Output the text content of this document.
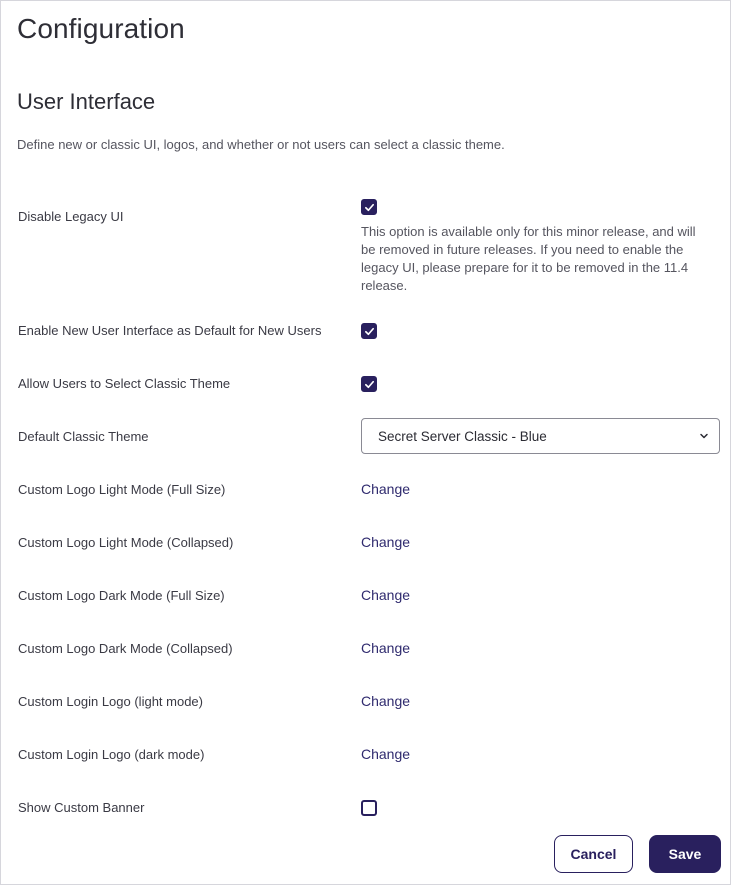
Configuration
User Interface
Define new or classic UI, logos, and whether or not users can select a classic theme.
Disable Legacy UI
This option is available only for this minor release, and will be removed in future releases. If you need to enable the legacy UI, please prepare for it to be removed in the 11.4 release.
Enable New User Interface as Default for New Users
Allow Users to Select Classic Theme
Default Classic Theme	Secret Server Classic - Blue
Custom Logo Light Mode (Full Size)	Change
Custom Logo Light Mode (Collapsed)	Change
Custom Logo Dark Mode (Full Size)	Change
Custom Logo Dark Mode (Collapsed)	Change
Custom Login Logo (light mode)	Change
Custom Login Logo (dark mode)	Change
Show Custom Banner
Cancel	Save
